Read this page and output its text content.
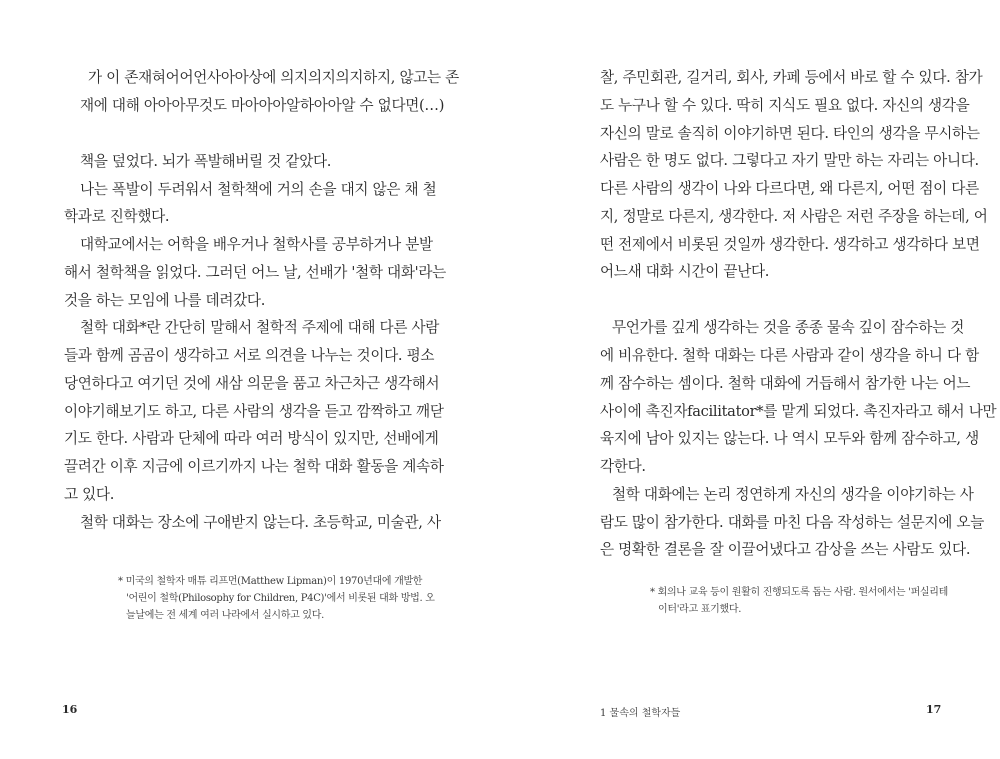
가 이 존재혀어어언사아아상에 의지의지의지하지, 않고는 존
재에 대해 아아아무것도 마아아아알하아아알 수 없다면(…)
책을 덮었다. 뇌가 폭발해버릴 것 같았다.
나는 폭발이 두려워서 철학책에 거의 손을 대지 않은 채 철
학과로 진학했다.
대학교에서는 어학을 배우거나 철학사를 공부하거나 분발
해서 철학책을 읽었다. 그러던 어느 날, 선배가 '철학 대화'라는
것을 하는 모임에 나를 데려갔다.
철학 대화*란 간단히 말해서 철학적 주제에 대해 다른 사람
들과 함께 곰곰이 생각하고 서로 의견을 나누는 것이다. 평소
당연하다고 여기던 것에 새삼 의문을 품고 차근차근 생각해서
이야기해보기도 하고, 다른 사람의 생각을 듣고 깜짝하고 깨닫
기도 한다. 사람과 단체에 따라 여러 방식이 있지만, 선배에게
끌려간 이후 지금에 이르기까지 나는 철학 대화 활동을 계속하
고 있다.
철학 대화는 장소에 구애받지 않는다. 초등학교, 미술관, 사
* 미국의 철학자 매튜 리프먼(Matthew Lipman)이 1970년대에 개발한
'어린이 철학(Philosophy for Children, P4C)'에서 비롯된 대화 방법. 오
늘날에는 전 세계 여러 나라에서 실시하고 있다.
16
찰, 주민회관, 길거리, 회사, 카페 등에서 바로 할 수 있다. 참가
도 누구나 할 수 있다. 딱히 지식도 필요 없다. 자신의 생각을
자신의 말로 솔직히 이야기하면 된다. 타인의 생각을 무시하는
사람은 한 명도 없다. 그렇다고 자기 말만 하는 자리는 아니다.
다른 사람의 생각이 나와 다르다면, 왜 다른지, 어떤 점이 다른
지, 정말로 다른지, 생각한다. 저 사람은 저런 주장을 하는데, 어
떤 전제에서 비롯된 것일까 생각한다. 생각하고 생각하다 보면
어느새 대화 시간이 끝난다.
무언가를 깊게 생각하는 것을 종종 물속 깊이 잠수하는 것
에 비유한다. 철학 대화는 다른 사람과 같이 생각을 하니 다 함
께 잠수하는 셈이다. 철학 대화에 거듭해서 참가한 나는 어느
사이에 촉진자facilitator*를 맡게 되었다. 촉진자라고 해서 나만
육지에 남아 있지는 않는다. 나 역시 모두와 함께 잠수하고, 생
각한다.
철학 대화에는 논리 정연하게 자신의 생각을 이야기하는 사
람도 많이 참가한다. 대화를 마친 다음 작성하는 설문지에 오늘
은 명확한 결론을 잘 이끌어냈다고 감상을 쓰는 사람도 있다.
* 회의나 교육 등이 원활히 진행되도록 돕는 사람. 원서에서는 '퍼실리테
이터'라고 표기했다.
1 물속의 철학자들	17
